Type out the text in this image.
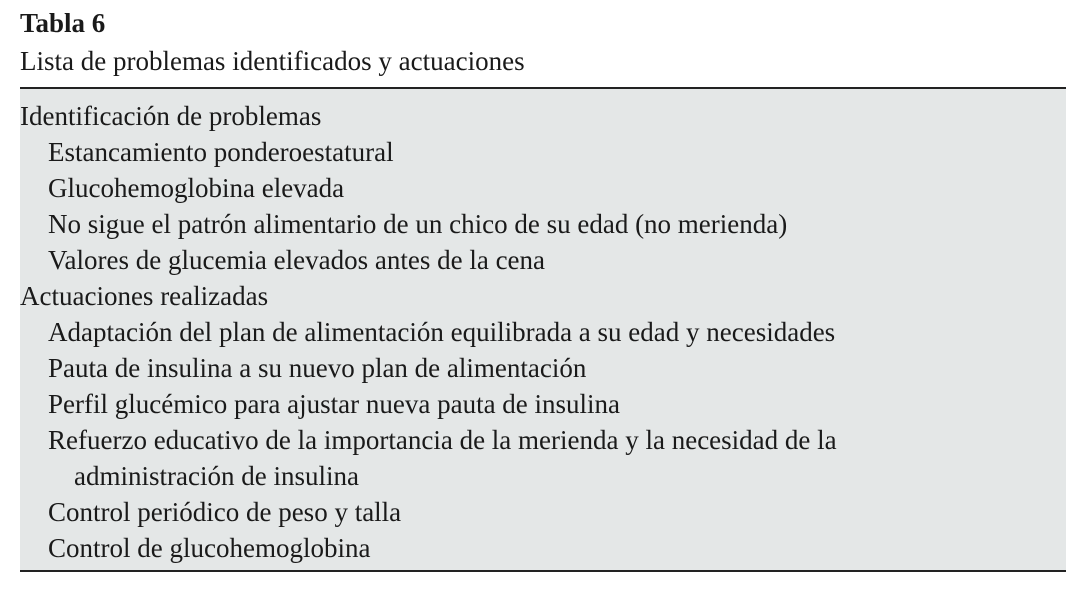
Tabla 6
Lista de problemas identificados y actuaciones
Identificación de problemas
Estancamiento ponderoestatural
Glucohemoglobina elevada
No sigue el patrón alimentario de un chico de su edad (no merienda)
Valores de glucemia elevados antes de la cena
Actuaciones realizadas
Adaptación del plan de alimentación equilibrada a su edad y necesidades
Pauta de insulina a su nuevo plan de alimentación
Perfil glucémico para ajustar nueva pauta de insulina
Refuerzo educativo de la importancia de la merienda y la necesidad de la
administración de insulina
Control periódico de peso y talla
Control de glucohemoglobina
